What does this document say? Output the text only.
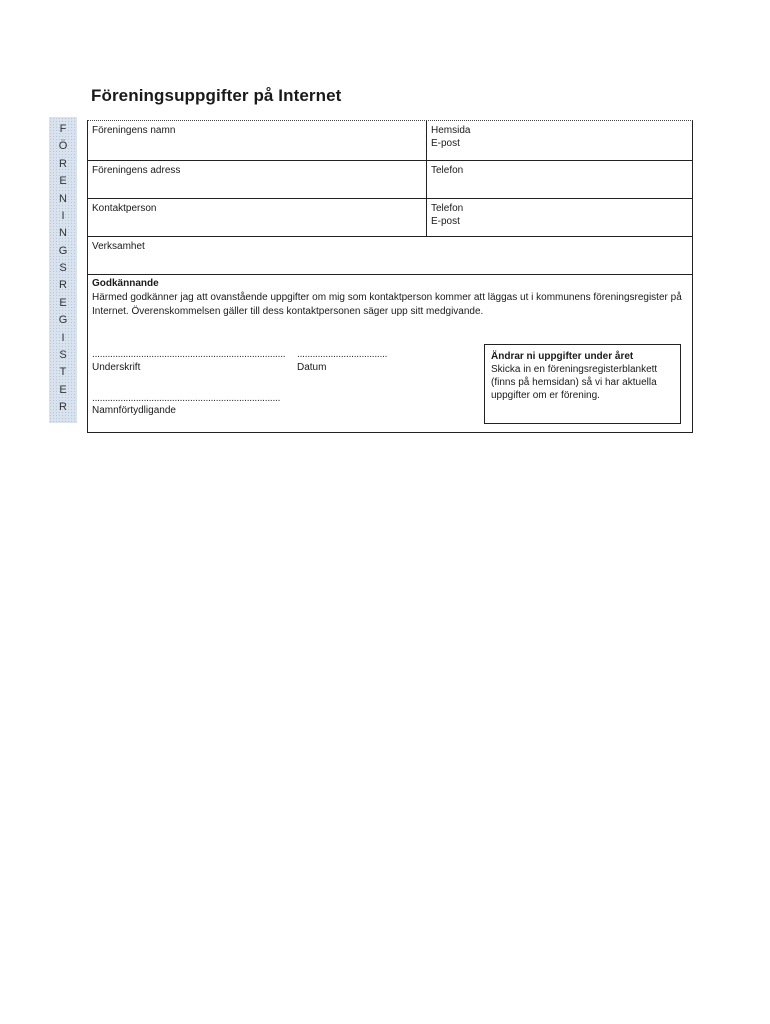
Föreningsuppgifter på Internet
F
Ö
R
E
N
I
N
G
S
R
E
G
I
S
T
E
R
Föreningens namn	Hemsida
E-post
Föreningens adress	Telefon
Kontaktperson	Telefon
E-post
Verksamhet
Godkännande
Härmed godkänner jag att ovanstående uppgifter om mig som kontaktperson kommer att läggas ut i kommunens föreningsregister på Internet. Överenskommelsen gäller till dess kontaktpersonen säger upp sitt medgivande.
...........................................................................
Underskrift
...................................
Datum
.........................................................................
Namnförtydligande
Ändrar ni uppgifter under året
Skicka in en föreningsregisterblankett (finns på hemsidan) så vi har aktuella uppgifter om er förening.
